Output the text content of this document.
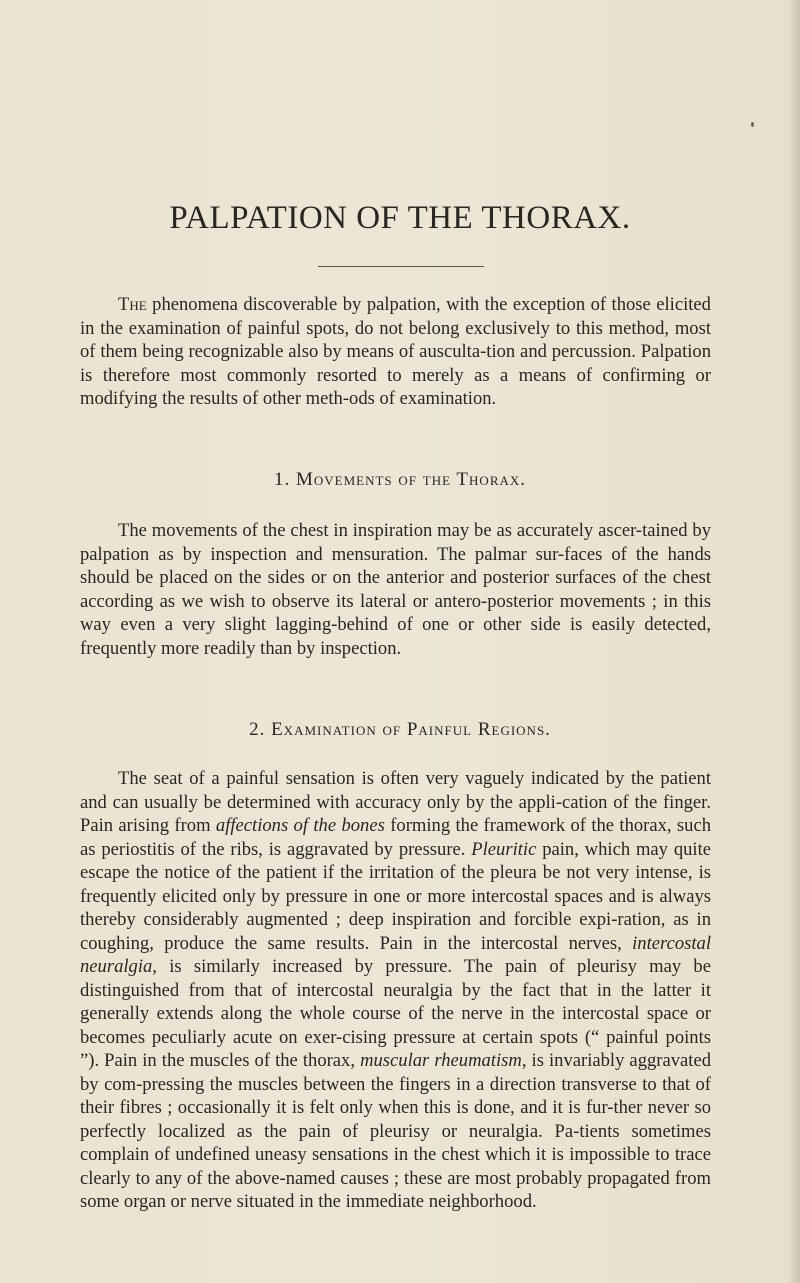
PALPATION OF THE THORAX.

The phenomena discoverable by palpation, with the exception of those elicited in the examination of painful spots, do not belong exclusively to this method, most of them being recognizable also by means of ausculta-tion and percussion. Palpation is therefore most commonly resorted to merely as a means of confirming or modifying the results of other meth-ods of examination.

1. Movements of the Thorax.

The movements of the chest in inspiration may be as accurately ascer-tained by palpation as by inspection and mensuration. The palmar sur-faces of the hands should be placed on the sides or on the anterior and posterior surfaces of the chest according as we wish to observe its lateral or antero-posterior movements ; in this way even a very slight lagging-behind of one or other side is easily detected, frequently more readily than by inspection.

2. Examination of Painful Regions.

The seat of a painful sensation is often very vaguely indicated by the patient and can usually be determined with accuracy only by the appli-cation of the finger. Pain arising from affections of the bones forming the framework of the thorax, such as periostitis of the ribs, is aggravated by pressure. Pleuritic pain, which may quite escape the notice of the patient if the irritation of the pleura be not very intense, is frequently elicited only by pressure in one or more intercostal spaces and is always thereby considerably augmented ; deep inspiration and forcible expi-ration, as in coughing, produce the same results. Pain in the intercostal nerves, intercostal neuralgia, is similarly increased by pressure. The pain of pleurisy may be distinguished from that of intercostal neuralgia by the fact that in the latter it generally extends along the whole course of the nerve in the intercostal space or becomes peculiarly acute on exer-cising pressure at certain spots (“ painful points ”). Pain in the muscles of the thorax, muscular rheumatism, is invariably aggravated by com-pressing the muscles between the fingers in a direction transverse to that of their fibres ; occasionally it is felt only when this is done, and it is fur-ther never so perfectly localized as the pain of pleurisy or neuralgia. Pa-tients sometimes complain of undefined uneasy sensations in the chest which it is impossible to trace clearly to any of the above-named causes ; these are most probably propagated from some organ or nerve situated in the immediate neighborhood.
